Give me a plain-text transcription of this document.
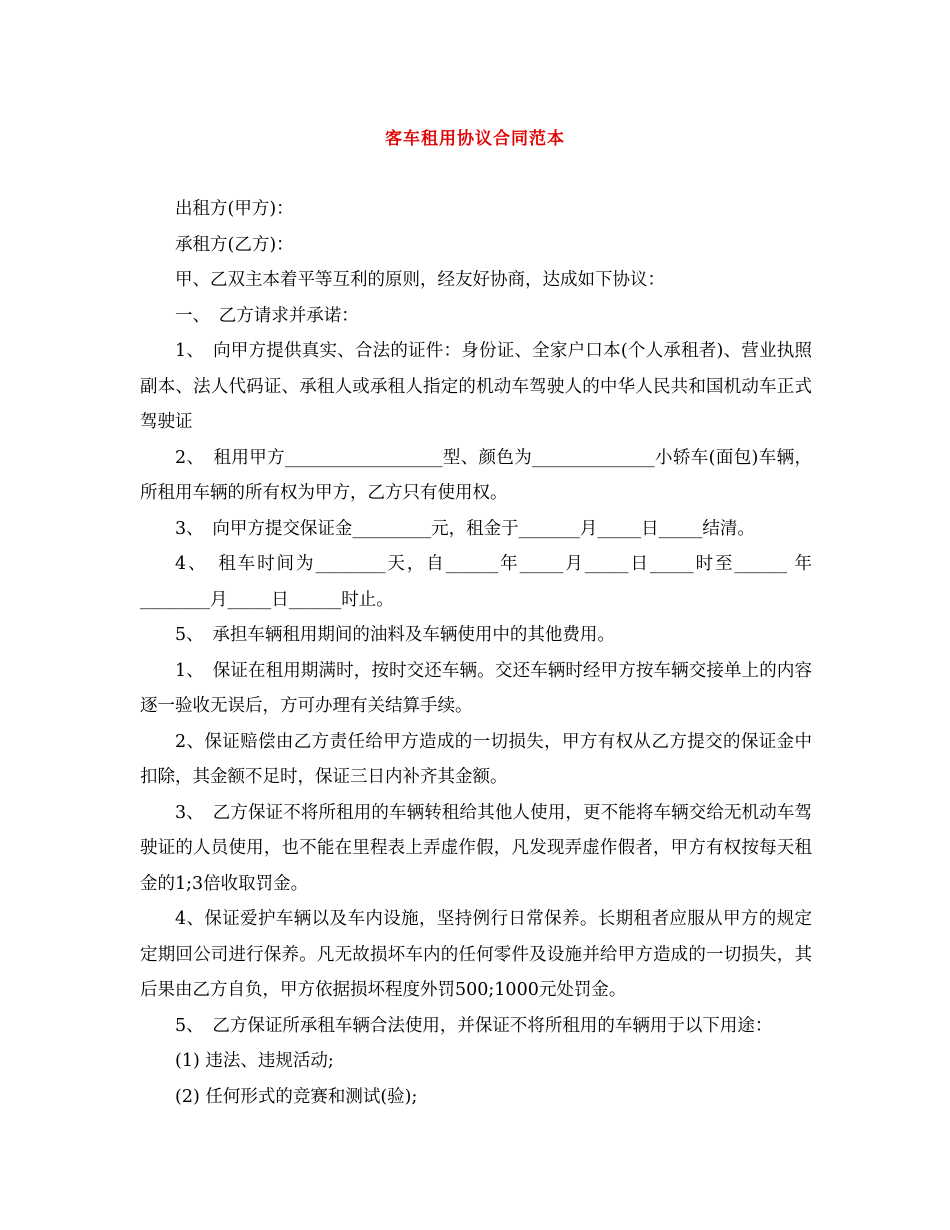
客车租用协议合同范本

出租方(甲方)：

承租方(乙方)：

甲、乙双主本着平等互利的原则，经友好协商，达成如下协议：

一、　乙方请求并承诺：

1、　向甲方提供真实、合法的证件：身份证、全家户口本(个人承租者)、营业执照副本、法人代码证、承租人或承租人指定的机动车驾驶人的中华人民共和国机动车正式驾驶证

2、　租用甲方__________________型、颜色为______________小轿车(面包)车辆，所租用车辆的所有权为甲方，乙方只有使用权。

3、　向甲方提交保证金_________元，租金于_______月_____日_____结清。

4、　租车时间为________天，自______年_____月_____日_____时至______ 年________月_____日______时止。

5、　承担车辆租用期间的油料及车辆使用中的其他费用。

1、　保证在租用期满时，按时交还车辆。交还车辆时经甲方按车辆交接单上的内容逐一验收无误后，方可办理有关结算手续。

2、保证赔偿由乙方责任给甲方造成的一切损失，甲方有权从乙方提交的保证金中扣除，其金额不足时，保证三日内补齐其金额。

3、　乙方保证不将所租用的车辆转租给其他人使用，更不能将车辆交给无机动车驾驶证的人员使用，也不能在里程表上弄虚作假，凡发现弄虚作假者，甲方有权按每天租金的1;3倍收取罚金。

4、保证爱护车辆以及车内设施，坚持例行日常保养。长期租者应服从甲方的规定定期回公司进行保养。凡无故损坏车内的任何零件及设施并给甲方造成的一切损失，其后果由乙方自负，甲方依据损坏程度外罚500;1000元处罚金。

5、　乙方保证所承租车辆合法使用，并保证不将所租用的车辆用于以下用途：

(1) 违法、违规活动;

(2) 任何形式的竞赛和测试(验);
